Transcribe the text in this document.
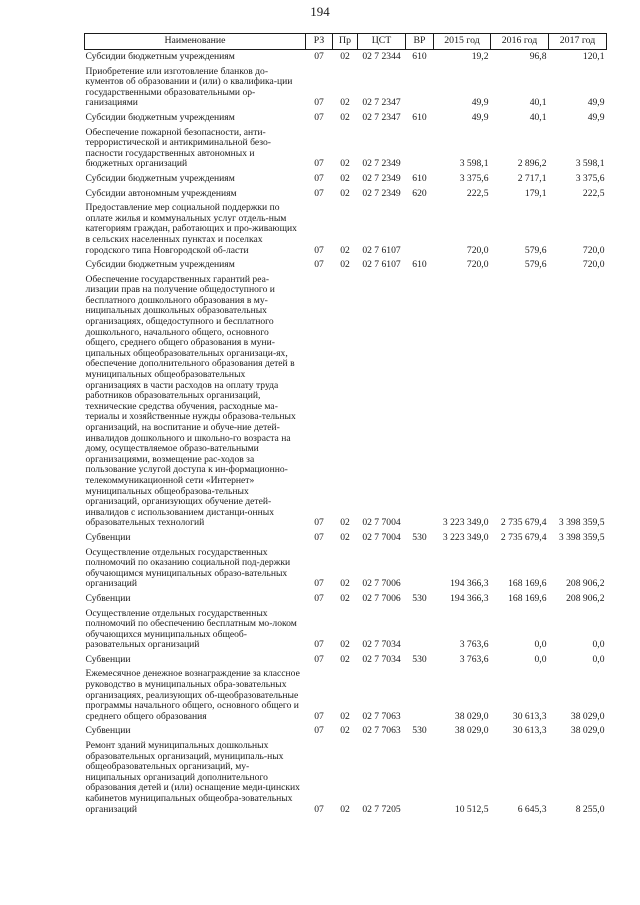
194
Наименование	РЗ	Пр	ЦСТ	ВР	2015 год	2016 год	2017 год
Субсидии бюджетным учреждениям	07	02	02 7 2344	610	19,2	96,8	120,1
Приобретение или изготовление бланков до-кументов об образовании и (или) о квалифика-ции государственными образовательными ор-ганизациями	07	02	02 7 2347		49,9	40,1	49,9
Субсидии бюджетным учреждениям	07	02	02 7 2347	610	49,9	40,1	49,9
Обеспечение пожарной безопасности, анти-террористической и антикриминальной безо-пасности государственных автономных и бюджетных организаций	07	02	02 7 2349		3 598,1	2 896,2	3 598,1
Субсидии бюджетным учреждениям	07	02	02 7 2349	610	3 375,6	2 717,1	3 375,6
Субсидии автономным учреждениям	07	02	02 7 2349	620	222,5	179,1	222,5
Предоставление мер социальной поддержки по оплате жилья и коммунальных услуг отдель-ным категориям граждан, работающих и про-живающих в сельских населенных пунктах и поселках городского типа Новгородской об-ласти	07	02	02 7 6107		720,0	579,6	720,0
Субсидии бюджетным учреждениям	07	02	02 7 6107	610	720,0	579,6	720,0
Обеспечение государственных гарантий реа-лизации прав на получение общедоступного и бесплатного дошкольного образования в му-ниципальных дошкольных образовательных организациях, общедоступного и бесплатного дошкольного, начального общего, основного общего, среднего общего образования в муни-ципальных общеобразовательных организаци-ях, обеспечение дополнительного образования детей в муниципальных общеобразовательных организациях в части расходов на оплату труда работников образовательных организаций, технические средства обучения, расходные ма-териалы и хозяйственные нужды образова-тельных организаций, на воспитание и обуче-ние детей-инвалидов дошкольного и школьно-го возраста на дому, осуществляемое образо-вательными организациями, возмещение рас-ходов за пользование услугой доступа к ин-формационно-телекоммуникационной сети «Интернет» муниципальных общеобразова-тельных организаций, организующих обучение детей-инвалидов с использованием дистанци-онных образовательных технологий	07	02	02 7 7004		3 223 349,0	2 735 679,4	3 398 359,5
Субвенции	07	02	02 7 7004	530	3 223 349,0	2 735 679,4	3 398 359,5
Осуществление отдельных государственных полномочий по оказанию социальной под-держки обучающимся муниципальных образо-вательных организаций	07	02	02 7 7006		194 366,3	168 169,6	208 906,2
Субвенции	07	02	02 7 7006	530	194 366,3	168 169,6	208 906,2
Осуществление отдельных государственных полномочий по обеспечению бесплатным мо-локом обучающихся муниципальных общеоб-разовательных организаций	07	02	02 7 7034		3 763,6	0,0	0,0
Субвенции	07	02	02 7 7034	530	3 763,6	0,0	0,0
Ежемесячное денежное вознаграждение за классное руководство в муниципальных обра-зовательных организациях, реализующих об-щеобразовательные программы начального общего, основного общего и среднего общего образования	07	02	02 7 7063		38 029,0	30 613,3	38 029,0
Субвенции	07	02	02 7 7063	530	38 029,0	30 613,3	38 029,0
Ремонт зданий муниципальных дошкольных образовательных организаций, муниципаль-ных общеобразовательных организаций, му-ниципальных организаций дополнительного образования детей и (или) оснащение меди-цинских кабинетов муниципальных общеобра-зовательных организаций	07	02	02 7 7205		10 512,5	6 645,3	8 255,0
